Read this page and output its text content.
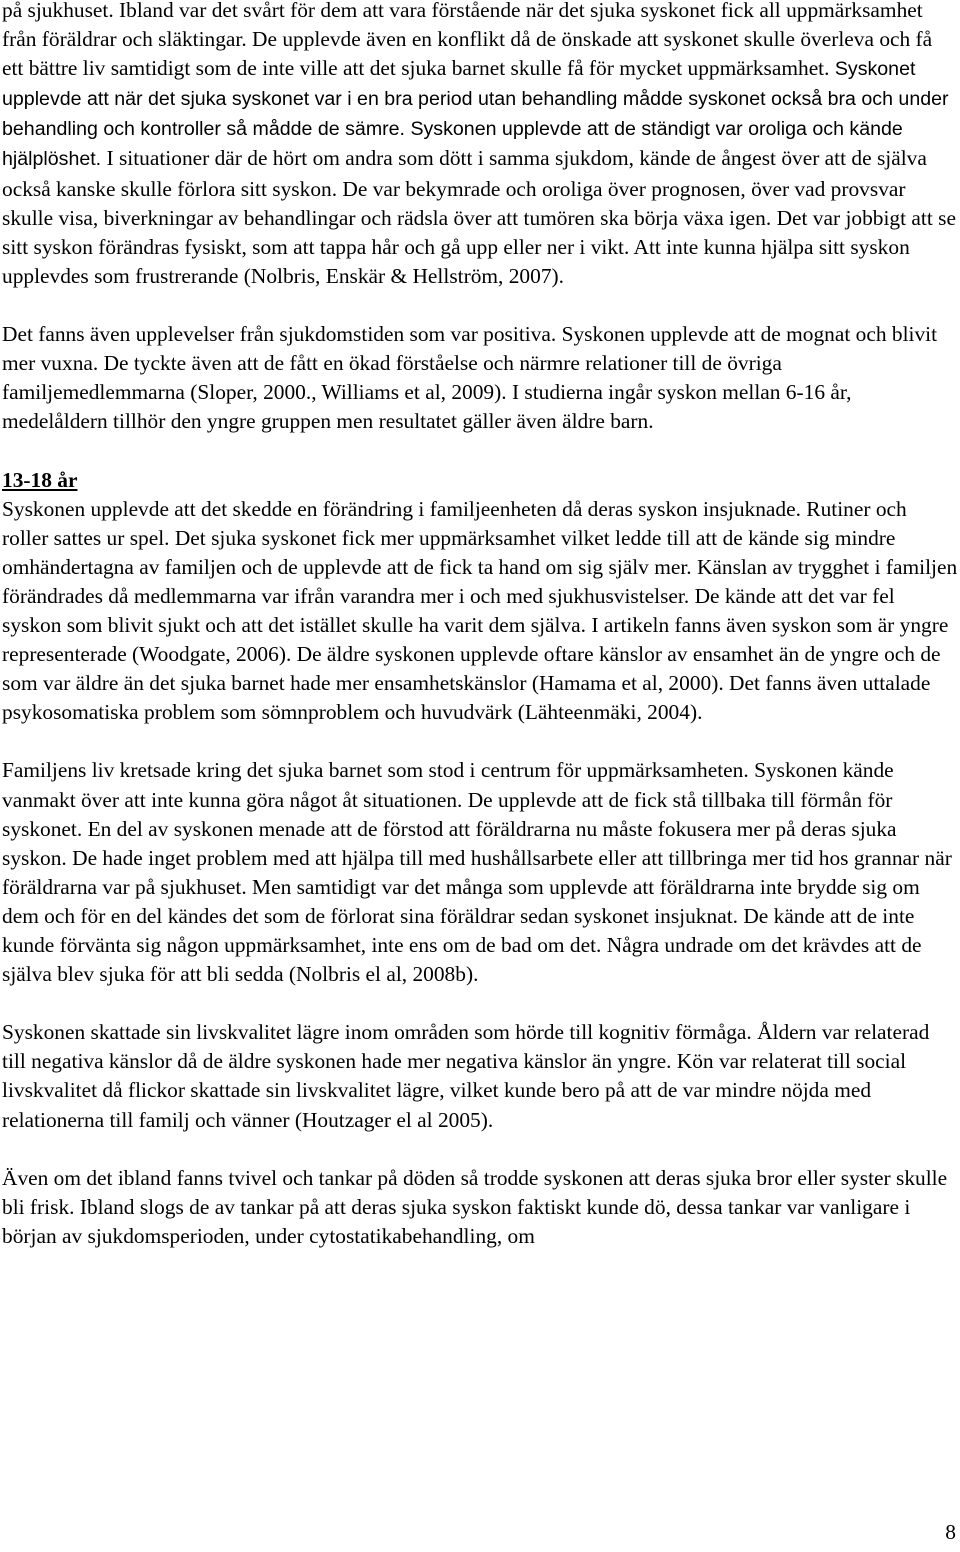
på sjukhuset. Ibland var det svårt för dem att vara förstående när det sjuka syskonet fick all uppmärksamhet från föräldrar och släktingar. De upplevde även en konflikt då de önskade att syskonet skulle överleva och få ett bättre liv samtidigt som de inte ville att det sjuka barnet skulle få för mycket uppmärksamhet. Syskonet upplevde att när det sjuka syskonet var i en bra period utan behandling mådde syskonet också bra och under behandling och kontroller så mådde de sämre. Syskonen upplevde att de ständigt var oroliga och kände hjälplöshet. I situationer där de hört om andra som dött i samma sjukdom, kände de ångest över att de själva också kanske skulle förlora sitt syskon. De var bekymrade och oroliga över prognosen, över vad provsvar skulle visa, biverkningar av behandlingar och rädsla över att tumören ska börja växa igen. Det var jobbigt att se sitt syskon förändras fysiskt, som att tappa hår och gå upp eller ner i vikt. Att inte kunna hjälpa sitt syskon upplevdes som frustrerande (Nolbris, Enskär & Hellström, 2007).

Det fanns även upplevelser från sjukdomstiden som var positiva. Syskonen upplevde att de mognat och blivit mer vuxna. De tyckte även att de fått en ökad förståelse och närmre relationer till de övriga familjemedlemmarna (Sloper, 2000., Williams et al, 2009). I studierna ingår syskon mellan 6-16 år, medelåldern tillhör den yngre gruppen men resultatet gäller även äldre barn.

13-18 år
Syskonen upplevde att det skedde en förändring i familjeenheten då deras syskon insjuknade. Rutiner och roller sattes ur spel. Det sjuka syskonet fick mer uppmärksamhet vilket ledde till att de kände sig mindre omhändertagna av familjen och de upplevde att de fick ta hand om sig själv mer. Känslan av trygghet i familjen förändrades då medlemmarna var ifrån varandra mer i och med sjukhusvistelser. De kände att det var fel syskon som blivit sjukt och att det istället skulle ha varit dem själva. I artikeln fanns även syskon som är yngre representerade (Woodgate, 2006). De äldre syskonen upplevde oftare känslor av ensamhet än de yngre och de som var äldre än det sjuka barnet hade mer ensamhetskänslor (Hamama et al, 2000). Det fanns även uttalade psykosomatiska problem som sömnproblem och huvudvärk (Lähteenmäki, 2004).

Familjens liv kretsade kring det sjuka barnet som stod i centrum för uppmärksamheten. Syskonen kände vanmakt över att inte kunna göra något åt situationen. De upplevde att de fick stå tillbaka till förmån för syskonet. En del av syskonen menade att de förstod att föräldrarna nu måste fokusera mer på deras sjuka syskon. De hade inget problem med att hjälpa till med hushållsarbete eller att tillbringa mer tid hos grannar när föräldrarna var på sjukhuset. Men samtidigt var det många som upplevde att föräldrarna inte brydde sig om dem och för en del kändes det som de förlorat sina föräldrar sedan syskonet insjuknat. De kände att de inte kunde förvänta sig någon uppmärksamhet, inte ens om de bad om det. Några undrade om det krävdes att de själva blev sjuka för att bli sedda (Nolbris el al, 2008b).

Syskonen skattade sin livskvalitet lägre inom områden som hörde till kognitiv förmåga. Åldern var relaterad till negativa känslor då de äldre syskonen hade mer negativa känslor än yngre. Kön var relaterat till social livskvalitet då flickor skattade sin livskvalitet lägre, vilket kunde bero på att de var mindre nöjda med relationerna till familj och vänner (Houtzager el al 2005).

Även om det ibland fanns tvivel och tankar på döden så trodde syskonen att deras sjuka bror eller syster skulle bli frisk. Ibland slogs de av tankar på att deras sjuka syskon faktiskt kunde dö, dessa tankar var vanligare i början av sjukdomsperioden, under cytostatikabehandling, om

8
